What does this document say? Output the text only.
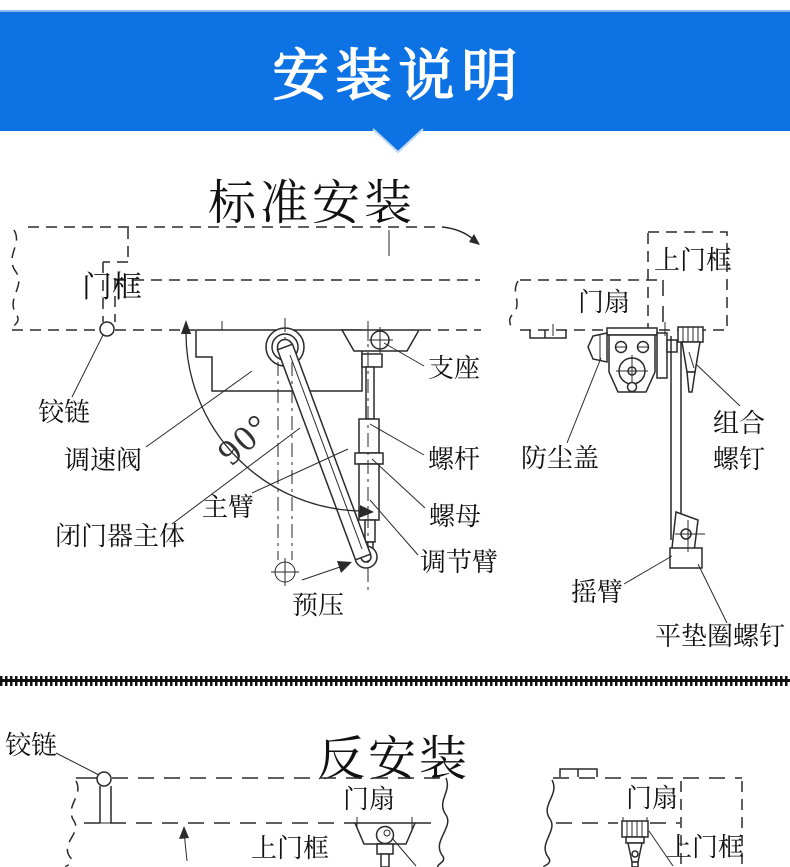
安装说明
标准安装
反安装
90°
门框
铰链
调速阀
闭门器主体
主臂
预压
支座
螺杆
螺母
调节臂
上门框
门扇
防尘盖
组合
螺钉
摇臂
平垫圈螺钉
铰链
门扇
上门框
门扇
上门框
